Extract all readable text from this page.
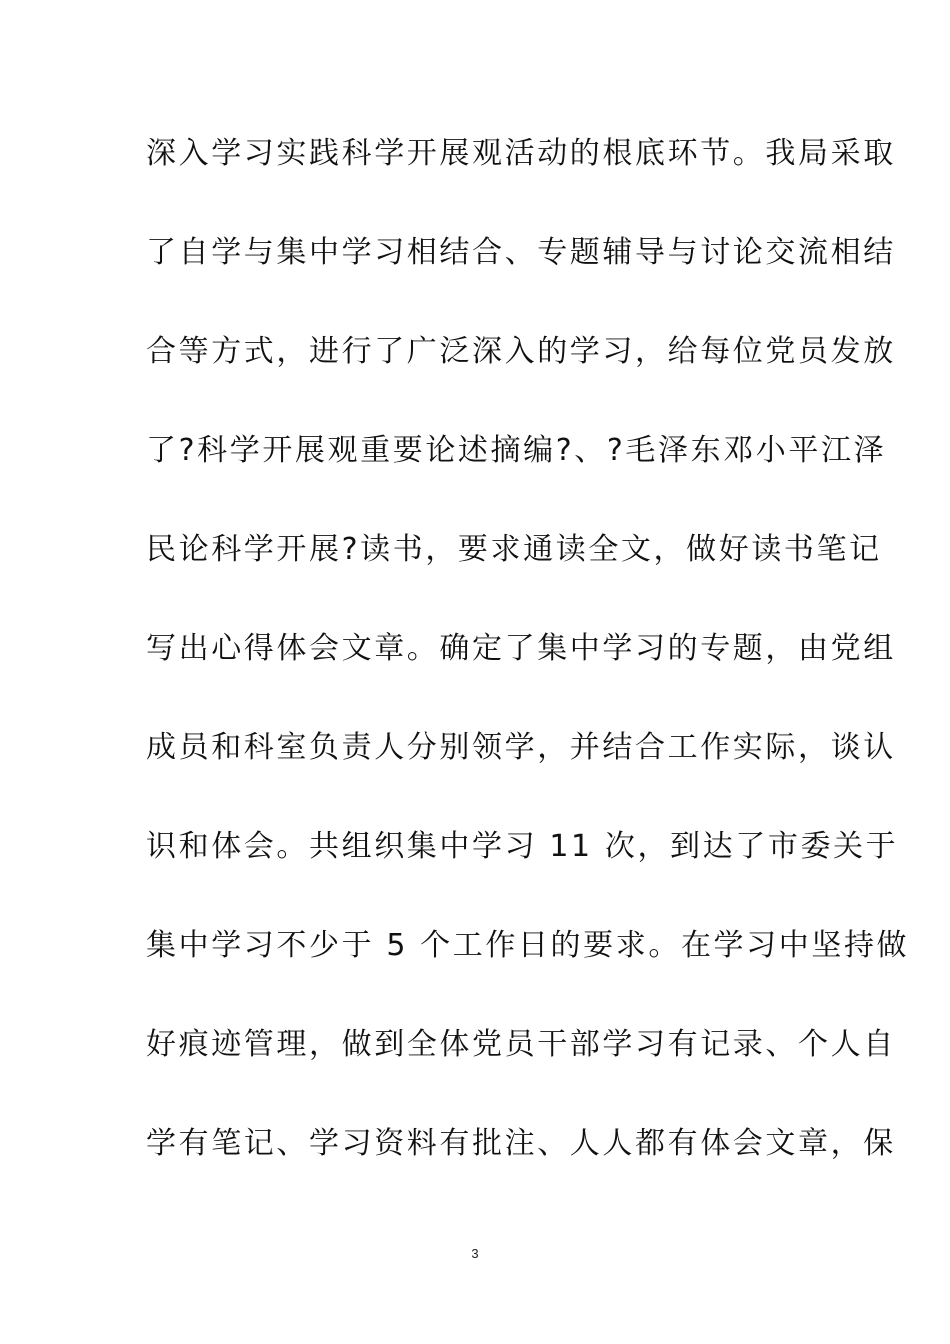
深入学习实践科学开展观活动的根底环节。我局采取
了自学与集中学习相结合、专题辅导与讨论交流相结
合等方式，进行了广泛深入的学习，给每位党员发放
了?科学开展观重要论述摘编?、?毛泽东邓小平江泽
民论科学开展?读书，要求通读全文，做好读书笔记
写出心得体会文章。确定了集中学习的专题，由党组
成员和科室负责人分别领学，并结合工作实际，谈认
识和体会。共组织集中学习 11 次，到达了市委关于
集中学习不少于 5 个工作日的要求。在学习中坚持做
好痕迹管理，做到全体党员干部学习有记录、个人自
学有笔记、学习资料有批注、人人都有体会文章，保
3
